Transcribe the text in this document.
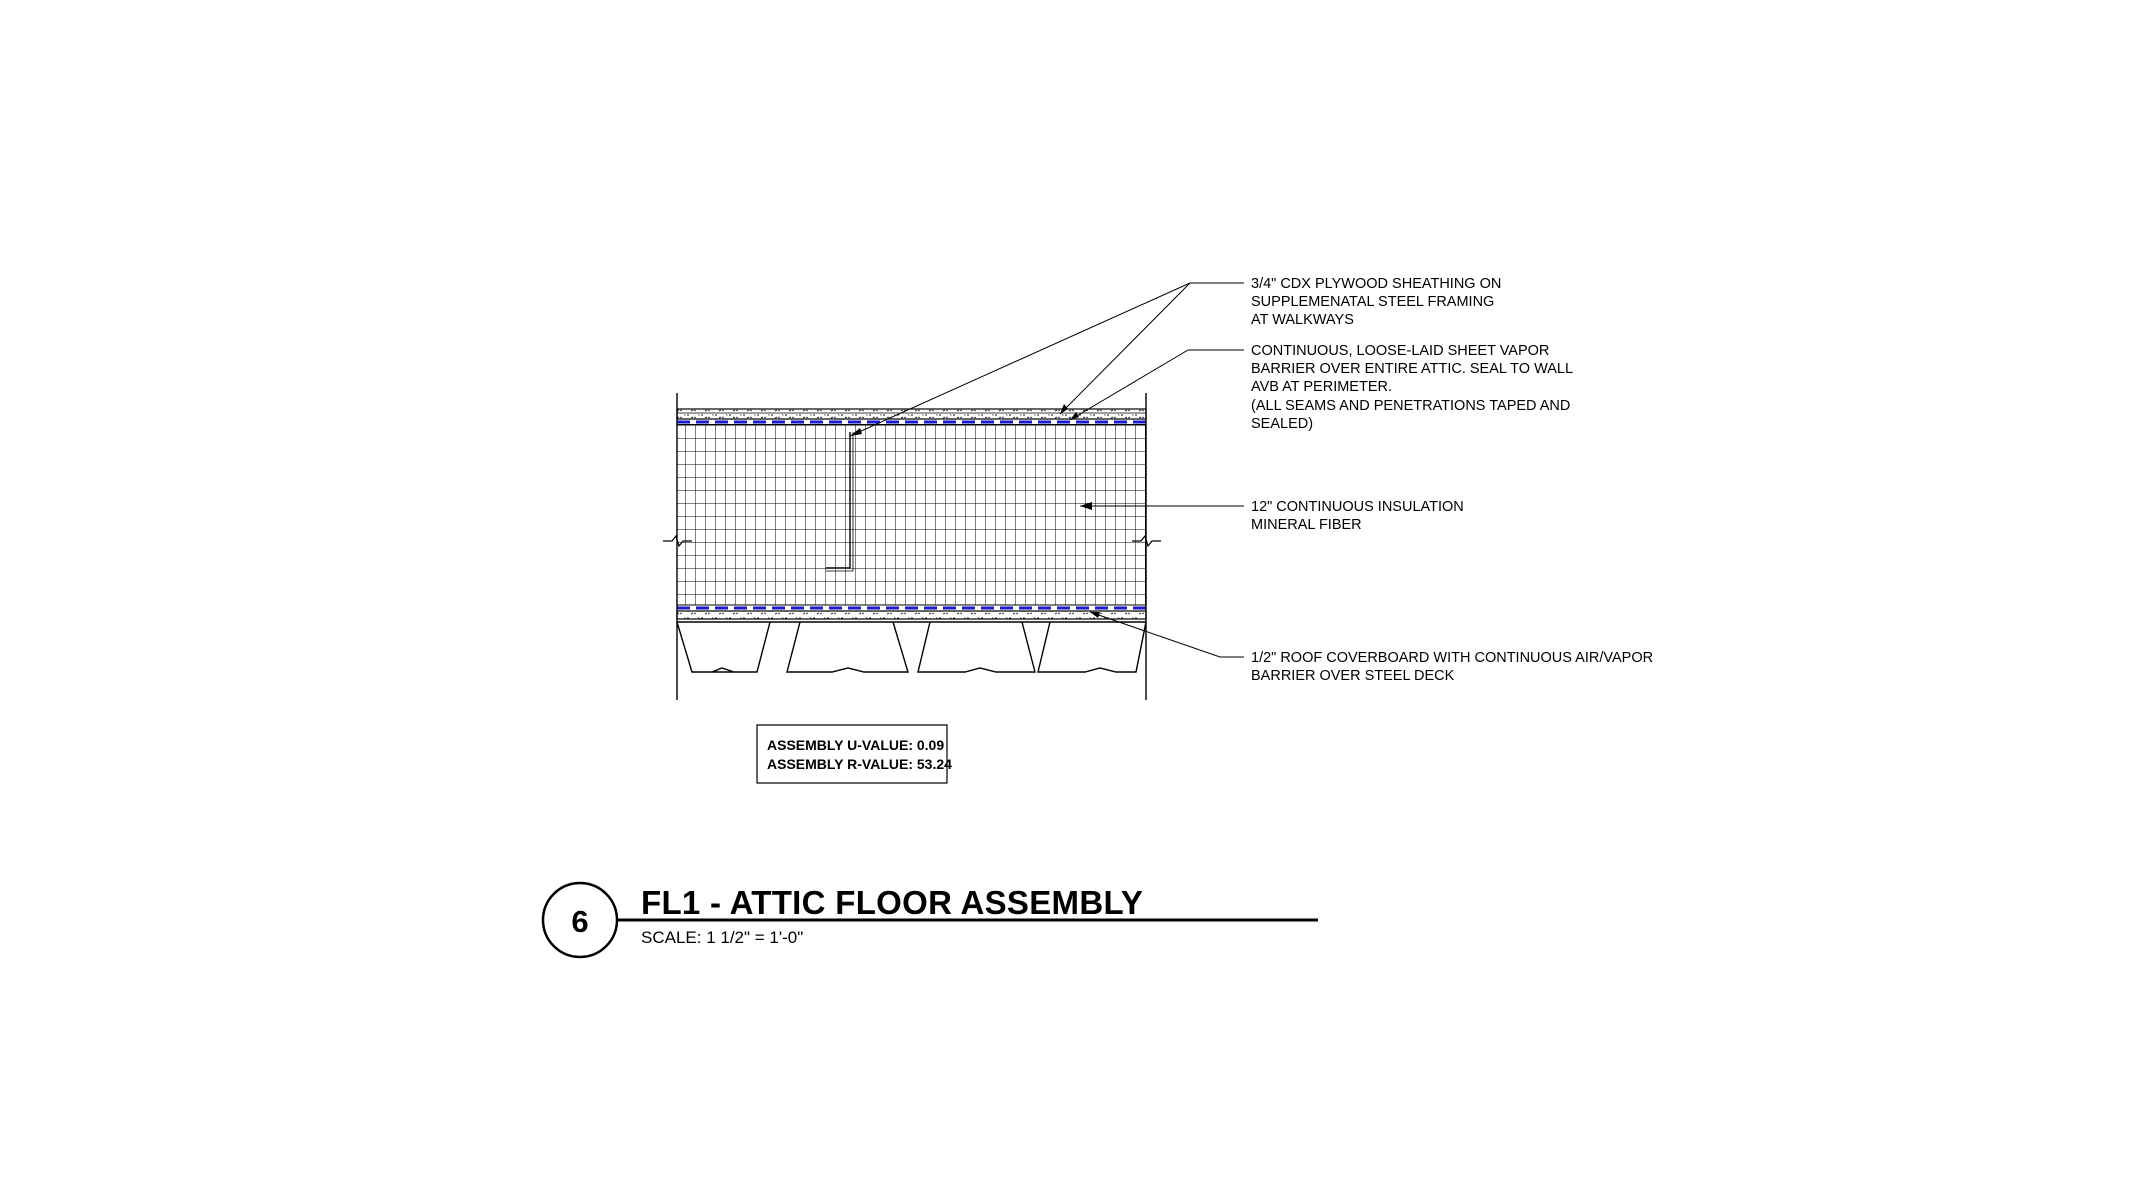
3/4" CDX PLYWOOD SHEATHING ON SUPPLEMENATAL STEEL FRAMING AT WALKWAYS
CONTINUOUS, LOOSE-LAID SHEET VAPOR BARRIER OVER ENTIRE ATTIC. SEAL TO WALL AVB AT PERIMETER. (ALL SEAMS AND PENETRATIONS TAPED AND SEALED)
12" CONTINUOUS INSULATION MINERAL FIBER
1/2" ROOF COVERBOARD WITH CONTINUOUS AIR/VAPOR BARRIER OVER STEEL DECK
ASSEMBLY U-VALUE: 0.09
ASSEMBLY R-VALUE: 53.24
6
FL1 - ATTIC FLOOR ASSEMBLY
SCALE: 1 1/2" = 1'-0"
